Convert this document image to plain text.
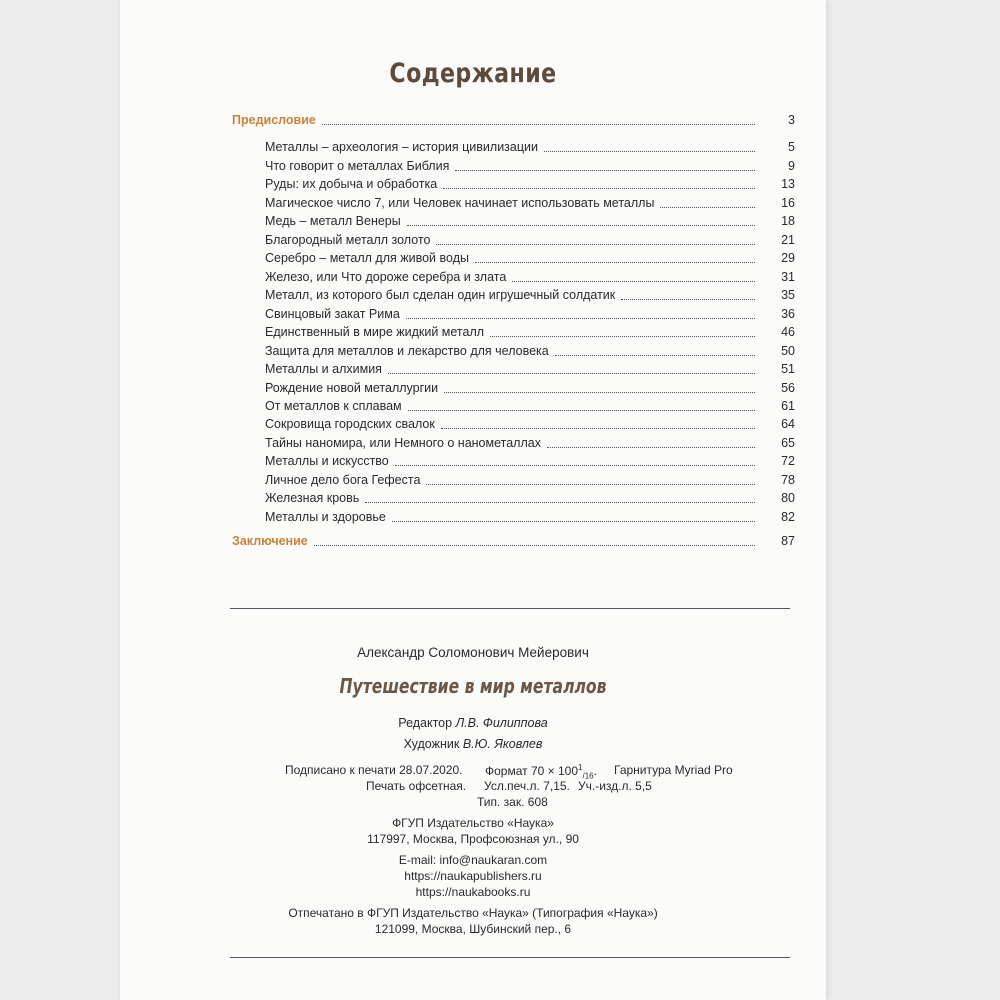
Содержание
Предисловие	3
Металлы – археология – история цивилизации	5
Что говорит о металлах Библия	9
Руды: их добыча и обработка	13
Магическое число 7, или Человек начинает использовать металлы	16
Медь – металл Венеры	18
Благородный металл золото	21
Серебро – металл для живой воды	29
Железо, или Что дороже серебра и злата	31
Металл, из которого был сделан один игрушечный солдатик	35
Свинцовый закат Рима	36
Единственный в мире жидкий металл	46
Защита для металлов и лекарство для человека	50
Металлы и алхимия	51
Рождение новой металлургии	56
От металлов к сплавам	61
Сокровища городских свалок	64
Тайны наномира, или Немного о нанометаллах	65
Металлы и искусство	72
Личное дело бога Гефеста	78
Железная кровь	80
Металлы и здоровье	82
Заключение	87
Александр Соломонович Мейерович
Путешествие в мир металлов
Редактор Л.В. Филиппова
Художник В.Ю. Яковлев
Подписано к печати 28.07.2020. Формат $70 \times 100^1_{/16}$. Гарнитура Myriad Pro
Печать офсетная. Усл.печ.л. 7,15. Уч.-изд.л. 5,5
Тип. зак. 608
ФГУП Издательство «Наука»
117997, Москва, Профсоюзная ул., 90
E-mail: info@naukaran.com
https://naukapublishers.ru
https://naukabooks.ru
Отпечатано в ФГУП Издательство «Наука» (Типография «Наука»)
121099, Москва, Шубинский пер., 6
